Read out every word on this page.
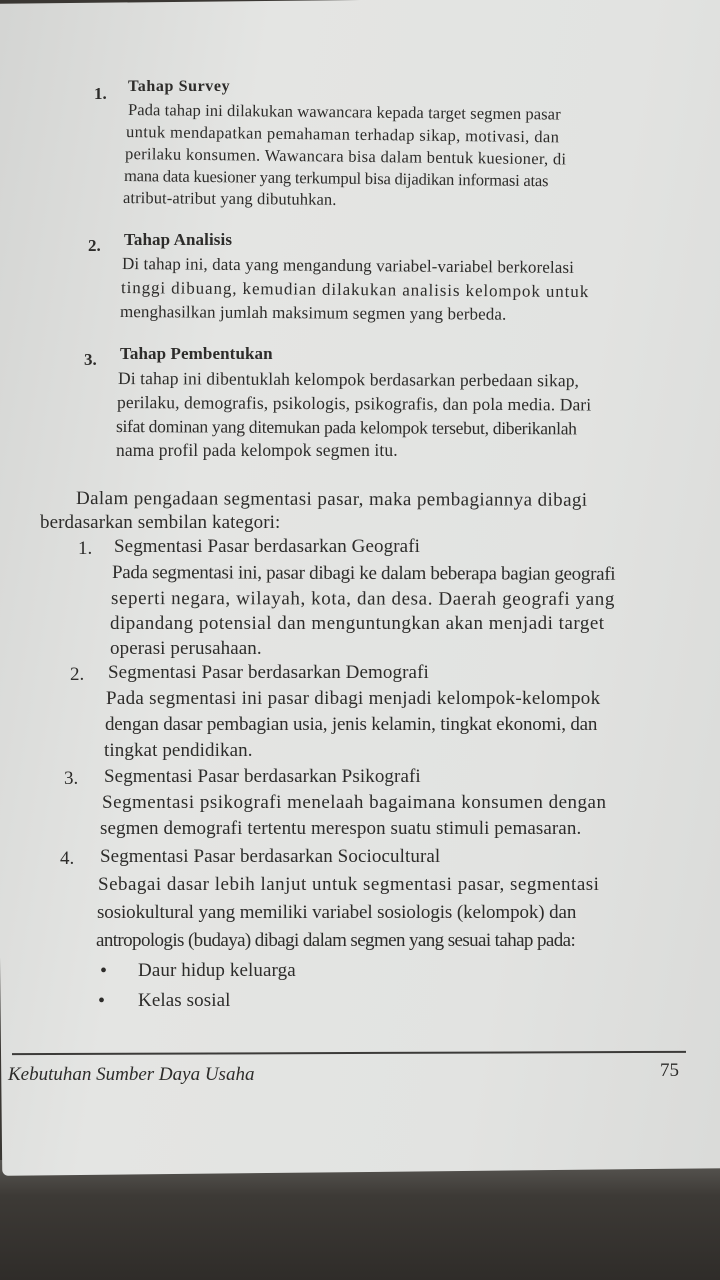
1. Tahap Survey
Pada tahap ini dilakukan wawancara kepada target segmen pasar
untuk mendapatkan pemahaman terhadap sikap, motivasi, dan
perilaku konsumen. Wawancara bisa dalam bentuk kuesioner, di
mana data kuesioner yang terkumpul bisa dijadikan informasi atas
atribut-atribut yang dibutuhkan.
2. Tahap Analisis
Di tahap ini, data yang mengandung variabel-variabel berkorelasi
tinggi dibuang, kemudian dilakukan analisis kelompok untuk
menghasilkan jumlah maksimum segmen yang berbeda.
3. Tahap Pembentukan
Di tahap ini dibentuklah kelompok berdasarkan perbedaan sikap,
perilaku, demografis, psikologis, psikografis, dan pola media. Dari
sifat dominan yang ditemukan pada kelompok tersebut, diberikanlah
nama profil pada kelompok segmen itu.
Dalam pengadaan segmentasi pasar, maka pembagiannya dibagi
berdasarkan sembilan kategori:
1. Segmentasi Pasar berdasarkan Geografi
Pada segmentasi ini, pasar dibagi ke dalam beberapa bagian geografi
seperti negara, wilayah, kota, dan desa. Daerah geografi yang
dipandang potensial dan menguntungkan akan menjadi target
operasi perusahaan.
2. Segmentasi Pasar berdasarkan Demografi
Pada segmentasi ini pasar dibagi menjadi kelompok-kelompok
dengan dasar pembagian usia, jenis kelamin, tingkat ekonomi, dan
tingkat pendidikan.
3. Segmentasi Pasar berdasarkan Psikografi
Segmentasi psikografi menelaah bagaimana konsumen dengan
segmen demografi tertentu merespon suatu stimuli pemasaran.
4. Segmentasi Pasar berdasarkan Sociocultural
Sebagai dasar lebih lanjut untuk segmentasi pasar, segmentasi
sosiokultural yang memiliki variabel sosiologis (kelompok) dan
antropologis (budaya) dibagi dalam segmen yang sesuai tahap pada:
• Daur hidup keluarga
• Kelas sosial
Kebutuhan Sumber Daya Usaha	75
